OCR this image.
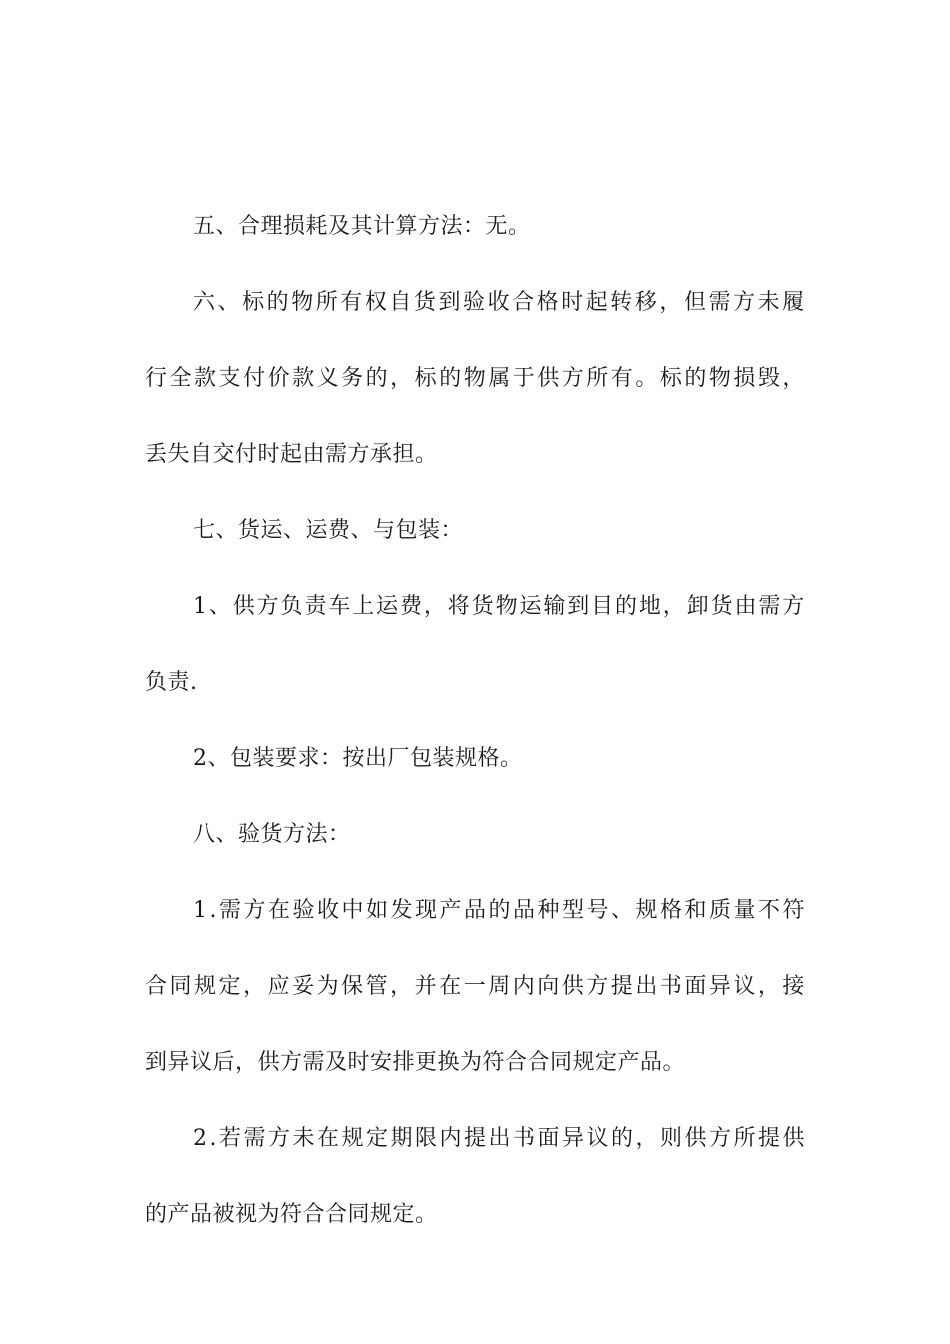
五、合理损耗及其计算方法：无。
六 、 标 的 物 所 有 权 自 货 到 验 收 合 格 时 起 转 移 ， 但 需 方 未 履
行 全 款 支 付 价 款 义 务 的 ， 标 的 物 属 于 供 方 所 有 。 标 的 物 损 毁 ，
丢失自交付时起由需方承担。
七、货运、运费、与包装：
1 、 供 方 负 责 车 上 运 费 ， 将 货 物 运 输 到 目 的 地 ， 卸 货 由 需 方
负责.
2、包装要求：按出厂包装规格。
八、验货方法：
1 . 需 方 在 验 收 中 如 发 现 产 品 的 品 种 型 号 、 规 格 和 质 量 不 符
合 同 规 定 ， 应 妥 为 保 管 ， 并 在 一 周 内 向 供 方 提 出 书 面 异 议 ， 接
到异议后，供方需及时安排更换为符合合同规定产品。
2 . 若 需 方 未 在 规 定 期 限 内 提 出 书 面 异 议 的 ， 则 供 方 所 提 供
的产品被视为符合合同规定。
